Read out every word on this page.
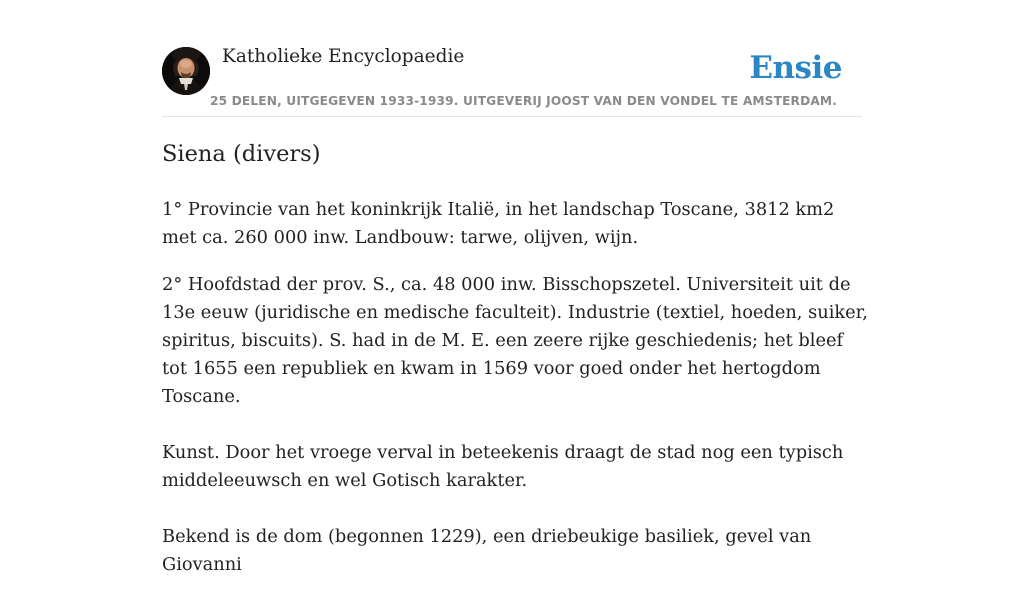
Katholieke Encyclopaedie	Ensie
25 DELEN, UITGEGEVEN 1933-1939. UITGEVERIJ JOOST VAN DEN VONDEL TE AMSTERDAM.
Siena (divers)

1° Provincie van het koninkrijk Italië, in het landschap Toscane, 3812 km2 met ca. 260 000 inw. Landbouw: tarwe, olijven, wijn.

2° Hoofdstad der prov. S., ca. 48 000 inw. Bisschopszetel. Universiteit uit de 13e eeuw (juridische en medische faculteit). Industrie (textiel, hoeden, suiker, spiritus, biscuits). S. had in de M. E. een zeere rijke geschiedenis; het bleef tot 1655 een republiek en kwam in 1569 voor goed onder het hertogdom Toscane.

Kunst. Door het vroege verval in beteekenis draagt de stad nog een typisch middeleeuwsch en wel Gotisch karakter.

Bekend is de dom (begonnen 1229), een driebeukige basiliek, gevel van Giovanni
